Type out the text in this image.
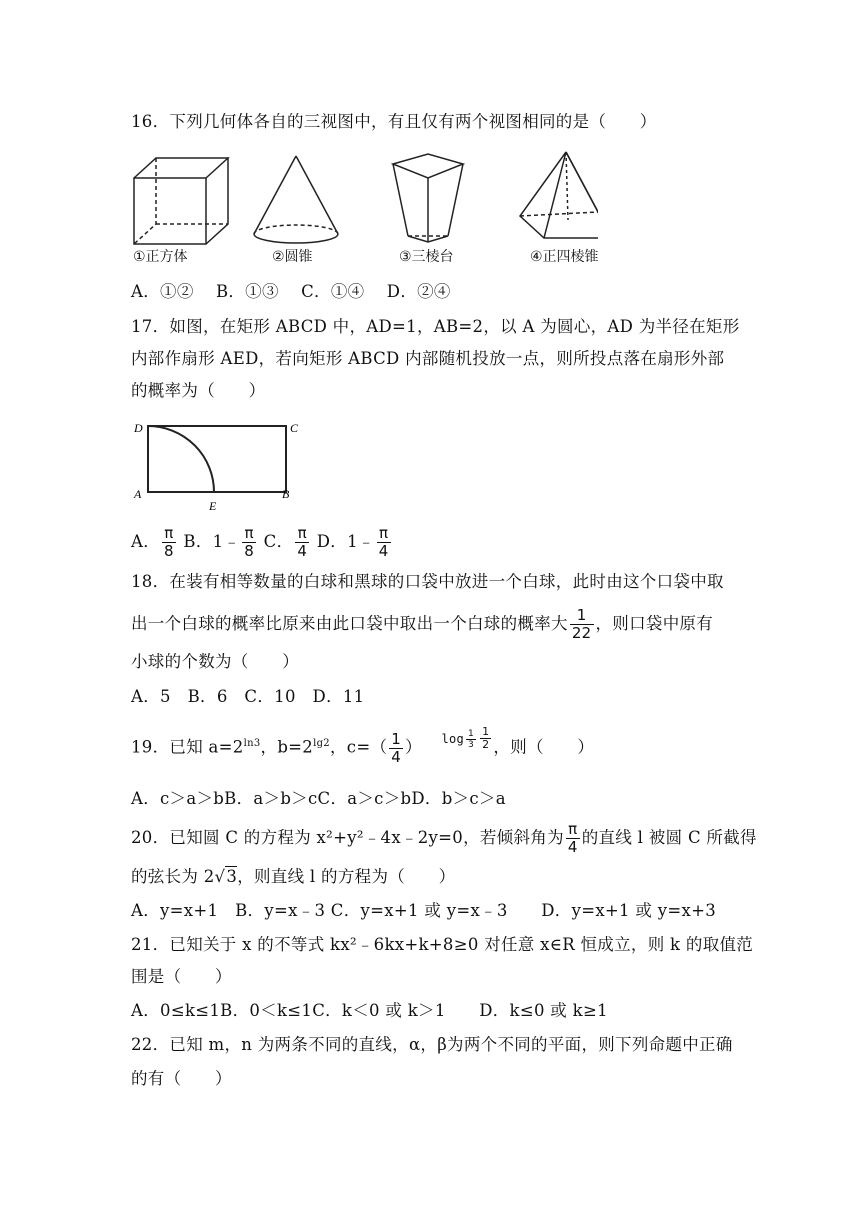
16．下列几何体各自的三视图中，有且仅有两个视图相同的是（　　）
①正方体	②圆锥	③三棱台	④正四棱锥
A．①②　 B．①③　 C．①④　 D．②④
17．如图，在矩形 ABCD 中，AD=1，AB=2，以 A 为圆心，AD 为半径在矩形
内部作扇形 AED，若向矩形 ABCD 内部随机投放一点，则所投点落在扇形外部
的概率为（　　）
D	C
A
E
B
A． $\frac{\pi}{8}$ B．1﹣ $\frac{\pi}{8}$ C． $\frac{\pi}{4}$ D．1﹣ $\frac{\pi}{4}$
18．在装有相等数量的白球和黑球的口袋中放进一个白球，此时由这个口袋中取
出一个白球的概率比原来由此口袋中取出一个白球的概率大 $\frac{1}{22}$ ，则口袋中原有
小球的个数为（　　）
A．5　B．6　C．10　D．11
19．已知 $a=2^{ln3}$，$b=2^{lg2}$，$c=( \frac{1}{4}$ ） $\log \frac{1}{3} \frac{1}{2}$ ，则（　　）
A．c＞a＞bB．a＞b＞cC．a＞c＞bD．b＞c＞a
20．已知圆 C 的方程为 x²+y²﹣4x﹣2y=0，若倾斜角为 $\frac{\pi}{4}$ 的直线 l 被圆 C 所截得
的弦长为 2√3，则直线 l 的方程为（　　）
A．y=x+1　B．y=x﹣3 C．y=x+1 或 y=x﹣3　　D．y=x+1 或 y=x+3
21．已知关于 x 的不等式 kx²﹣6kx+k+8≥0 对任意 x∈R 恒成立，则 k 的取值范
围是（　　）
A．0≤k≤1B．0＜k≤1C．k＜0 或 k＞1　　D．k≤0 或 k≥1
22．已知 m，n 为两条不同的直线，α，β为两个不同的平面，则下列命题中正确
的有（　　）
